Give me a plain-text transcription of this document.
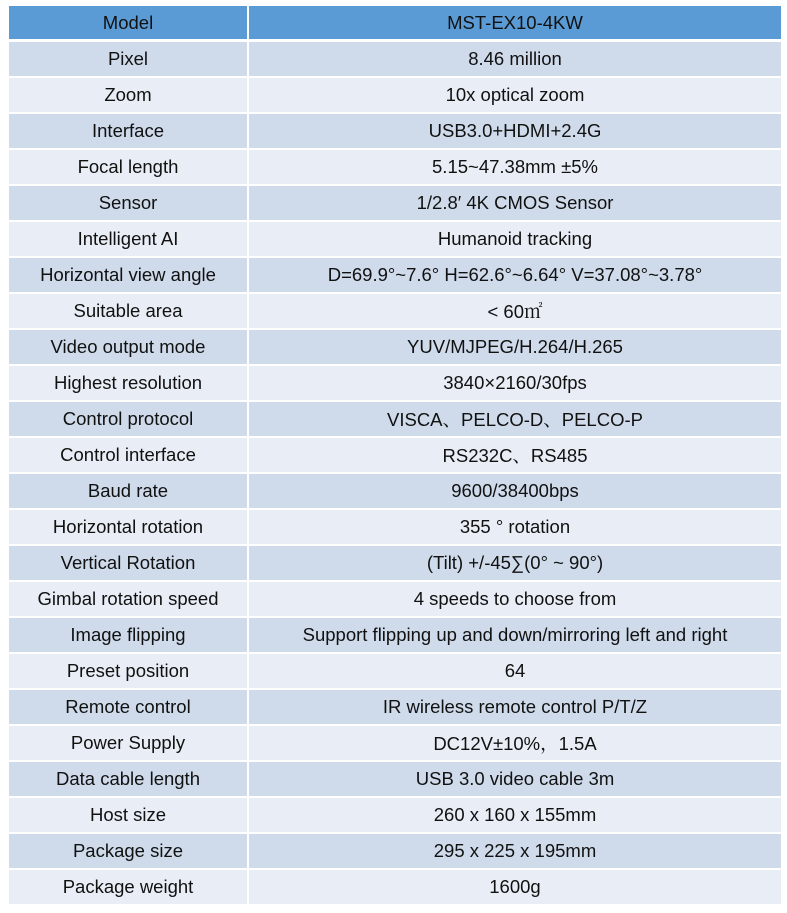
Model	MST-EX10-4KW
Pixel	8.46 million
Zoom	10x optical zoom
Interface	USB3.0+HDMI+2.4G
Focal length	5.15~47.38mm ±5%
Sensor	1/2.8′ 4K CMOS Sensor
Intelligent AI	Humanoid tracking
Horizontal view angle	D=69.9°~7.6° H=62.6°~6.64° V=37.08°~3.78°
Suitable area	< 60㎡
Video output mode	YUV/MJPEG/H.264/H.265
Highest resolution	3840×2160/30fps
Control protocol	VISCA、PELCO-D、PELCO-P
Control interface	RS232C、RS485
Baud rate	9600/38400bps
Horizontal rotation	355 ° rotation
Vertical Rotation	(Tilt) +/-45∑(0° ~ 90°)
Gimbal rotation speed	4 speeds to choose from
Image flipping	Support flipping up and down/mirroring left and right
Preset position	64
Remote control	IR wireless remote control P/T/Z
Power Supply	DC12V±10%，1.5A
Data cable length	USB 3.0 video cable 3m
Host size	260 x 160 x 155mm
Package size	295 x 225 x 195mm
Package weight	1600g
